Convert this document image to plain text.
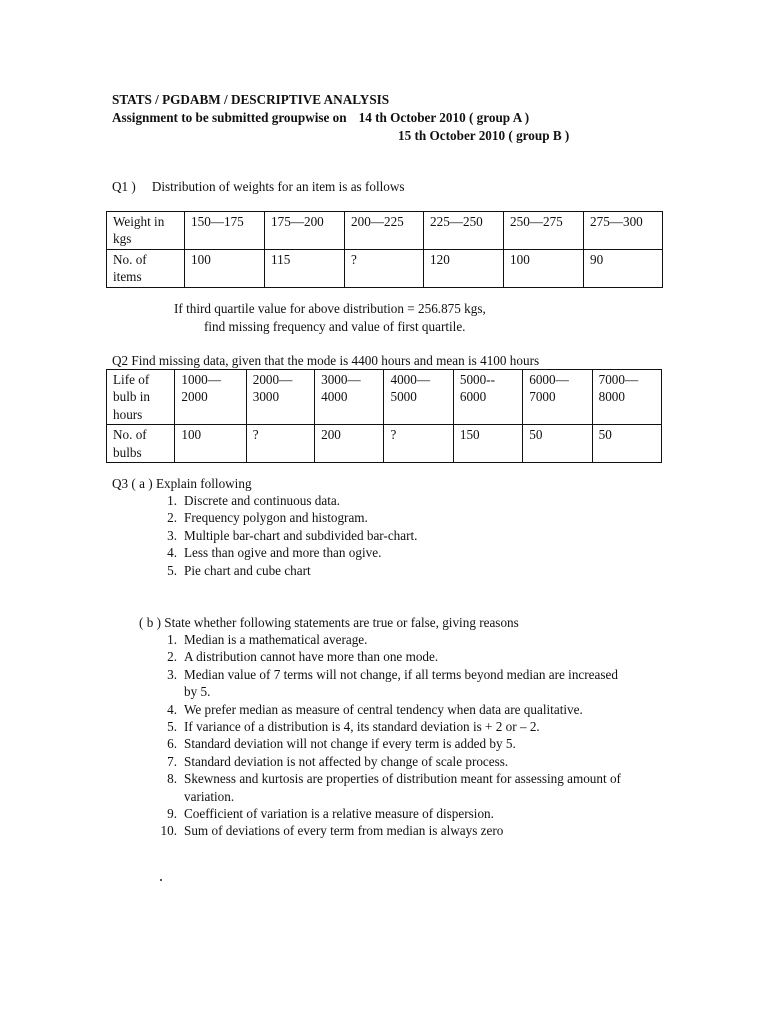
STATS / PGDABM / DESCRIPTIVE ANALYSIS
Assignment to be submitted groupwise on 14 th October 2010 ( group A )
15 th October 2010 ( group B )
Q1 ) Distribution of weights for an item is as follows
Weight in kgs	150—175	175—200	200—225	225—250	250—275	275—300
No. of items	100	115	?	120	100	90
If third quartile value for above distribution = 256.875 kgs,
find missing frequency and value of first quartile.
Q2 Find missing data, given that the mode is 4400 hours and mean is 4100 hours
Life of bulb in hours	1000— 2000	2000— 3000	3000— 4000	4000— 5000	5000-- 6000	6000— 7000	7000— 8000
No. of bulbs	100	?	200	?	150	50	50
Q3 ( a ) Explain following
1. Discrete and continuous data.
2. Frequency polygon and histogram.
3. Multiple bar-chart and subdivided bar-chart.
4. Less than ogive and more than ogive.
5. Pie chart and cube chart
( b ) State whether following statements are true or false, giving reasons
1. Median is a mathematical average.
2. A distribution cannot have more than one mode.
3. Median value of 7 terms will not change, if all terms beyond median are increased by 5.
4. We prefer median as measure of central tendency when data are qualitative.
5. If variance of a distribution is 4, its standard deviation is + 2 or – 2.
6. Standard deviation will not change if every term is added by 5.
7. Standard deviation is not affected by change of scale process.
8. Skewness and kurtosis are properties of distribution meant for assessing amount of variation.
9. Coefficient of variation is a relative measure of dispersion.
10. Sum of deviations of every term from median is always zero
